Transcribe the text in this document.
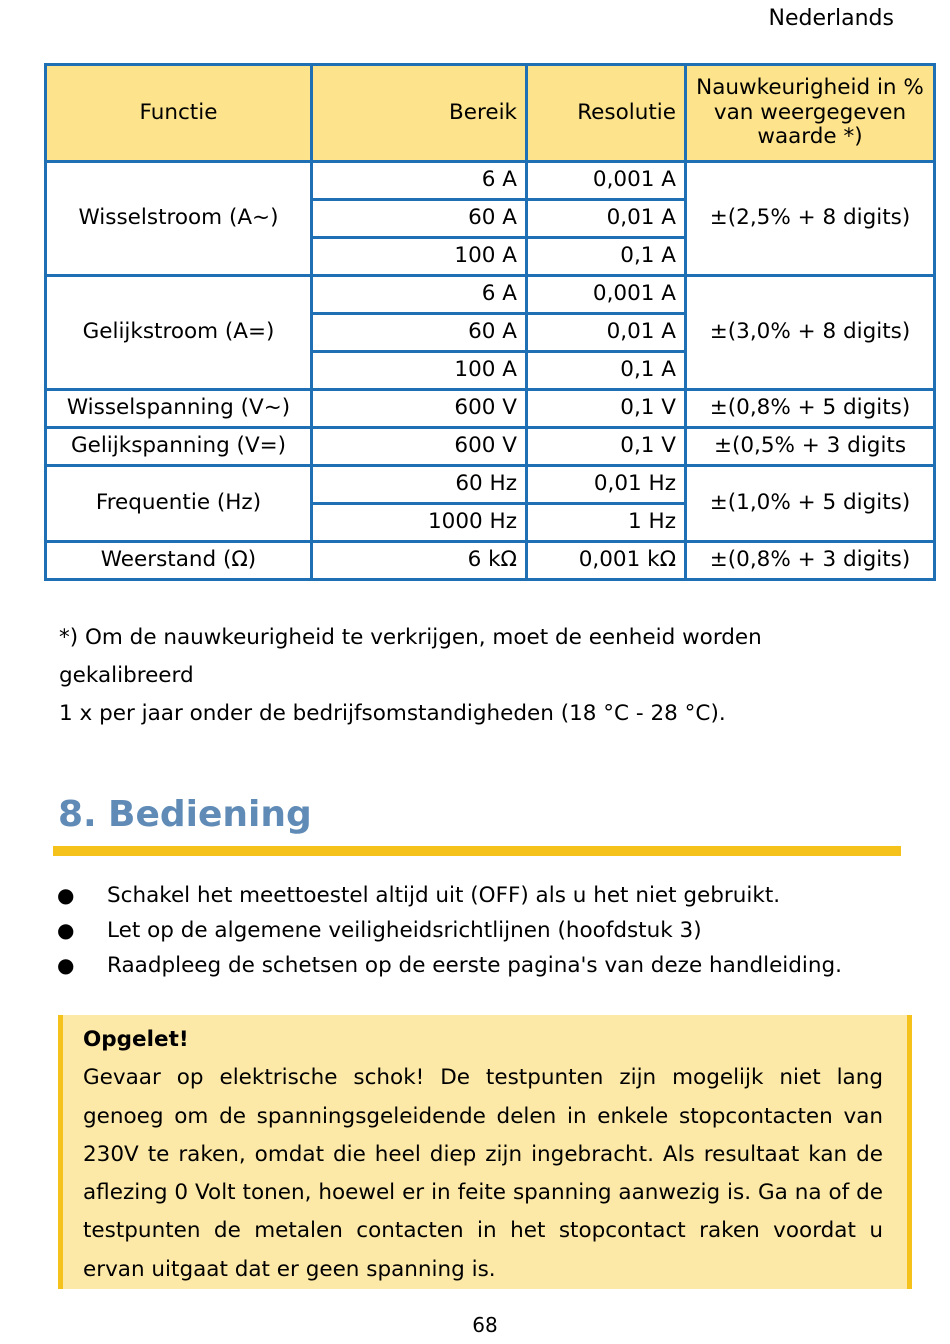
Nederlands
Functie	Bereik	Resolutie	Nauwkeurigheid in % van weergegeven waarde *)
Wisselstroom (A~)	6 A	0,001 A	±(2,5% + 8 digits)
	60 A	0,01 A	
	100 A	0,1 A	
Gelijkstroom (A=)	6 A	0,001 A	±(3,0% + 8 digits)
	60 A	0,01 A	
	100 A	0,1 A	
Wisselspanning (V~)	600 V	0,1 V	±(0,8% + 5 digits)
Gelijkspanning (V=)	600 V	0,1 V	±(0,5% + 3 digits
Frequentie (Hz)	60 Hz	0,01 Hz	±(1,0% + 5 digits)
	1000 Hz	1 Hz	
Weerstand (Ω)	6 kΩ	0,001 kΩ	±(0,8% + 3 digits)
*) Om de nauwkeurigheid te verkrijgen, moet de eenheid worden gekalibreerd
1 x per jaar onder de bedrijfsomstandigheden (18 °C - 28 °C).
8. Bediening
●	Schakel het meettoestel altijd uit (OFF) als u het niet gebruikt.
●	Let op de algemene veiligheidsrichtlijnen (hoofdstuk 3)
●	Raadpleeg de schetsen op de eerste pagina's van deze handleiding.
Opgelet!
Gevaar op elektrische schok! De testpunten zijn mogelijk niet lang genoeg om de spanningsgeleidende delen in enkele stopcontacten van 230V te raken, omdat die heel diep zijn ingebracht. Als resultaat kan de aflezing 0 Volt tonen, hoewel er in feite spanning aanwezig is. Ga na of de testpunten de metalen contacten in het stopcontact raken voordat u ervan uitgaat dat er geen spanning is.
68
